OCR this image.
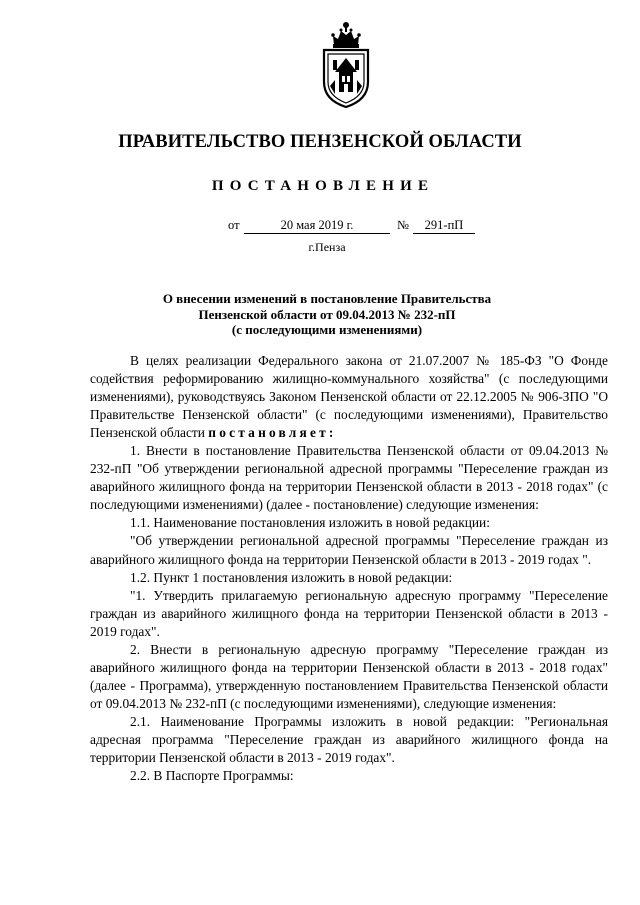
ПРАВИТЕЛЬСТВО ПЕНЗЕНСКОЙ ОБЛАСТИ
ПОСТАНОВЛЕНИЕ
от	20 мая 2019 г.	№	291-пП
г.Пенза
О внесении изменений в постановление Правительства
Пензенской области от 09.04.2013 № 232-пП
(с последующими изменениями)

В целях реализации Федерального закона от 21.07.2007 № 185-ФЗ "О Фонде содействия реформированию жилищно-коммунального хозяйства" (с последующими изменениями), руководствуясь Законом Пензенской области от 22.12.2005 № 906-ЗПО "О Правительстве Пензенской области" (с последующими изменениями), Правительство Пензенской области постановляет:

1. Внести в постановление Правительства Пензенской области от 09.04.2013 № 232-пП "Об утверждении региональной адресной программы "Переселение граждан из аварийного жилищного фонда на территории Пензенской области в 2013 - 2018 годах" (с последующими изменениями) (далее - постановление) следующие изменения:

1.1. Наименование постановления изложить в новой редакции:

"Об утверждении региональной адресной программы "Переселение граждан из аварийного жилищного фонда на территории Пензенской области в 2013 - 2019 годах ".

1.2. Пункт 1 постановления изложить в новой редакции:

"1. Утвердить прилагаемую региональную адресную программу "Переселение граждан из аварийного жилищного фонда на территории Пензенской области в 2013 - 2019 годах".

2. Внести в региональную адресную программу "Переселение граждан из аварийного жилищного фонда на территории Пензенской области в 2013 - 2018 годах" (далее - Программа), утвержденную постановлением Правительства Пензенской области от 09.04.2013 № 232-пП (с последующими изменениями), следующие изменения:

2.1. Наименование Программы изложить в новой редакции: "Региональная адресная программа "Переселение граждан из аварийного жилищного фонда на территории Пензенской области в 2013 - 2019 годах".

2.2. В Паспорте Программы:
